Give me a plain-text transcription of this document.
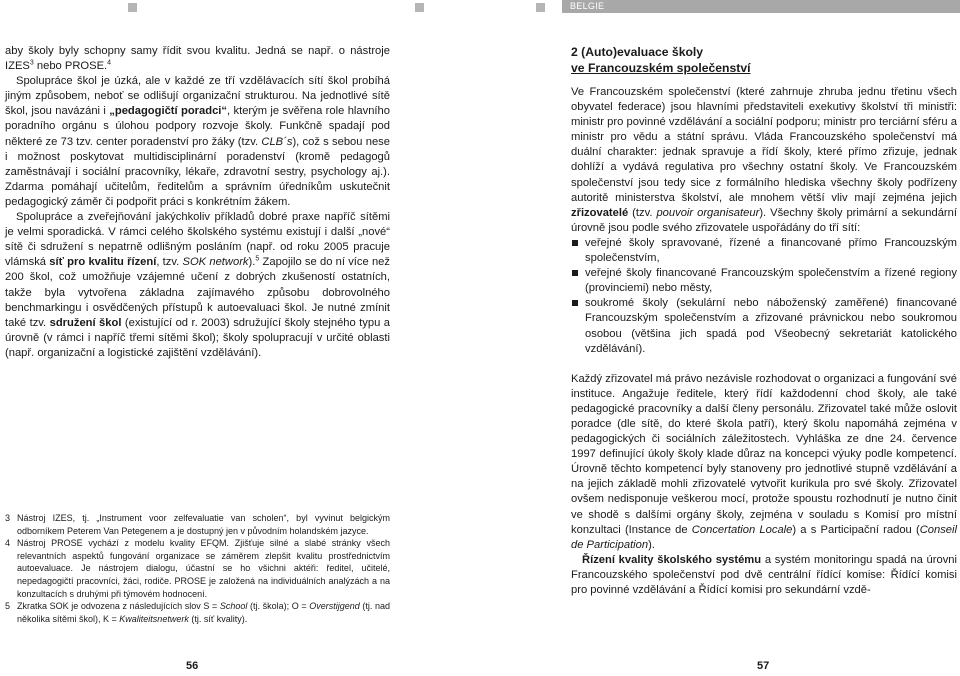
BELGIE

aby školy byly schopny samy řídit svou kvalitu. Jedná se např. o nástroje IZES$^3$ nebo PROSE.$^4$

Spolupráce škol je úzká, ale v každé ze tří vzdělávacích sítí škol probíhá jiným způsobem, neboť se odlišují organizační strukturou. Na jednotlivé sítě škol, jsou navázáni i „pedagogičtí poradci“, kterým je svěřena role hlavního poradního orgánu s úlohou podpory rozvoje školy. Funkčně spadají pod některé ze 73 tzv. center poradenství pro žáky (tzv. CLB´s), což s sebou nese i možnost poskytovat multidisciplinární poradenství (kromě pedagogů zaměstnávají i sociální pracovníky, lékaře, zdravotní sestry, psychology aj.). Zdarma pomáhají učitelům, ředitelům a správním úředníkům uskutečnit pedagogický záměr či podpořit práci s konkrétním žákem.

Spolupráce a zveřejňování jakýchkoliv příkladů dobré praxe napříč sítěmi je velmi sporadická. V rámci celého školského systému existují i další „nové“ sítě či sdružení s nepatrně odlišným posláním (např. od roku 2005 pracuje vlámská síť pro kvalitu řízení, tzv. SOK network).$^5$ Zapojilo se do ní více než 200 škol, což umožňuje vzájemné učení z dobrých zkušeností ostatních, takže byla vytvořena základna zajímavého způsobu dobrovolného benchmarkingu i osvědčených přístupů k autoevaluaci škol. Je nutné zmínit také tzv. sdružení škol (existující od r. 2003) sdružující školy stejného typu a úrovně (v rámci i napříč třemi sítěmi škol); školy spolupracují v určité oblasti (např. organizační a logistické zajištění vzdělávání).

3 Nástroj IZES, tj. „Instrument voor zelfevaluatie van scholen“, byl vyvinut belgickým odborníkem Peterem Van Petegenem a je dostupný jen v původním holandském jazyce.
4 Nástroj PROSE vychází z modelu kvality EFQM. Zjišťuje silné a slabé stránky všech relevantních aspektů fungování organizace se záměrem zlepšit kvalitu prostřednictvím autoevaluace. Je nástrojem dialogu, účastní se ho všichni aktéři: ředitel, učitelé, nepedagogičtí pracovníci, žáci, rodiče. PROSE je založená na individuálních analýzách a na konzultacích s druhými při týmovém hodnocení.
5 Zkratka SOK je odvozena z následujících slov S = School (tj. škola); O = Overstijgend (tj. nad několika sítěmi škol), K = Kwaliteitsnetwerk (tj. síť kvality).
2 (Auto)evaluace školy
ve Francouzském společenství

Ve Francouzském společenství (které zahrnuje zhruba jednu třetinu všech obyvatel federace) jsou hlavními představiteli exekutivy školství tři ministři: ministr pro povinné vzdělávání a sociální podporu; ministr pro terciární sféru a ministr pro vědu a státní správu. Vláda Francouzského společenství má duální charakter: jednak spravuje a řídí školy, které přímo zřizuje, jednak dohlíží a vydává regulativa pro všechny ostatní školy. Ve Francouzském společenství jsou tedy sice z formálního hlediska všechny školy podřízeny autoritě ministerstva školství, ale mnohem větší vliv mají zejména jejich zřizovatelé (tzv. pouvoir organisateur). Všechny školy primární a sekundární úrovně jsou podle svého zřizovatele uspořádány do tří sítí:

veřejné školy spravované, řízené a financované přímo Francouzským společenstvím,
veřejné školy financované Francouzským společenstvím a řízené regiony (provinciemi) nebo městy,
soukromé školy (sekulární nebo náboženský zaměřené) financované Francouzským společenstvím a zřizované právnickou nebo soukromou osobou (většina jich spadá pod Všeobecný sekretariát katolického vzdělávání).

Každý zřizovatel má právo nezávisle rozhodovat o organizaci a fungování své instituce. Angažuje ředitele, který řídí každodenní chod školy, ale také pedagogické pracovníky a další členy personálu. Zřizovatel také může oslovit poradce (dle sítě, do které škola patří), který školu napomáhá zejména v pedagogických či sociálních záležitostech. Vyhláška ze dne 24. července 1997 definující úkoly školy klade důraz na koncepci výuky podle kompetencí. Úrovně těchto kompetencí byly stanoveny pro jednotlivé stupně vzdělávání a na jejich základě mohli zřizovatelé vytvořit kurikula pro své školy. Zřizovatel ovšem nedisponuje veškerou mocí, protože spoustu rozhodnutí je nutno činit ve shodě s dalšími orgány školy, zejména v souladu s Komisí pro místní konzultaci (Instance de Concertation Locale) a s Participační radou (Conseil de Participation).

Řízení kvality školského systému a systém monitoringu spadá na úrovni Francouzského společenství pod dvě centrální řídící komise: Řídící komisi pro povinné vzdělávání a Řídící komisi pro sekundární vzdě-

56	57
